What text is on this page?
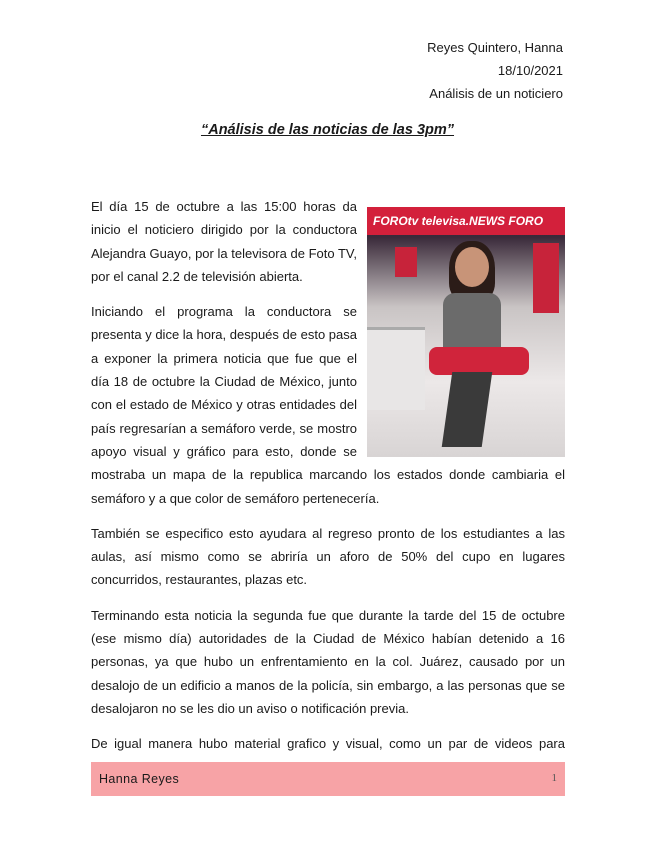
Reyes Quintero, Hanna
18/10/2021
Análisis de un noticiero
“Análisis de las noticias de las 3pm”

FOROtv televisa.NEWS FORO
El día 15 de octubre a las 15:00 horas da inicio el noticiero dirigido por la conductora Alejandra Guayo, por la televisora de Foto TV, por el canal 2.2 de televisión abierta.

Iniciando el programa la conductora se presenta y dice la hora, después de esto pasa a exponer la primera noticia que fue que el día 18 de octubre la Ciudad de México, junto con el estado de México y otras entidades del país regresarían a semáforo verde, se mostro apoyo visual y gráfico para esto, donde se mostraba un mapa de la republica marcando los estados donde cambiaria el semáforo y a que color de semáforo pertenecería.

También se especifico esto ayudara al regreso pronto de los estudiantes a las aulas, así mismo como se abriría un aforo de 50% del cupo en lugares concurridos, restaurantes, plazas etc.

Terminando esta noticia la segunda fue que durante la tarde del 15 de octubre (ese mismo día) autoridades de la Ciudad de México habían detenido a 16 personas, ya que hubo un enfrentamiento en la col. Juárez, causado por un desalojo de un edificio a manos de la policía, sin embargo, a las personas que se desalojaron no se les dio un aviso o notificación previa.

De igual manera hubo material grafico y visual, como un par de videos para

Hanna Reyes	1
